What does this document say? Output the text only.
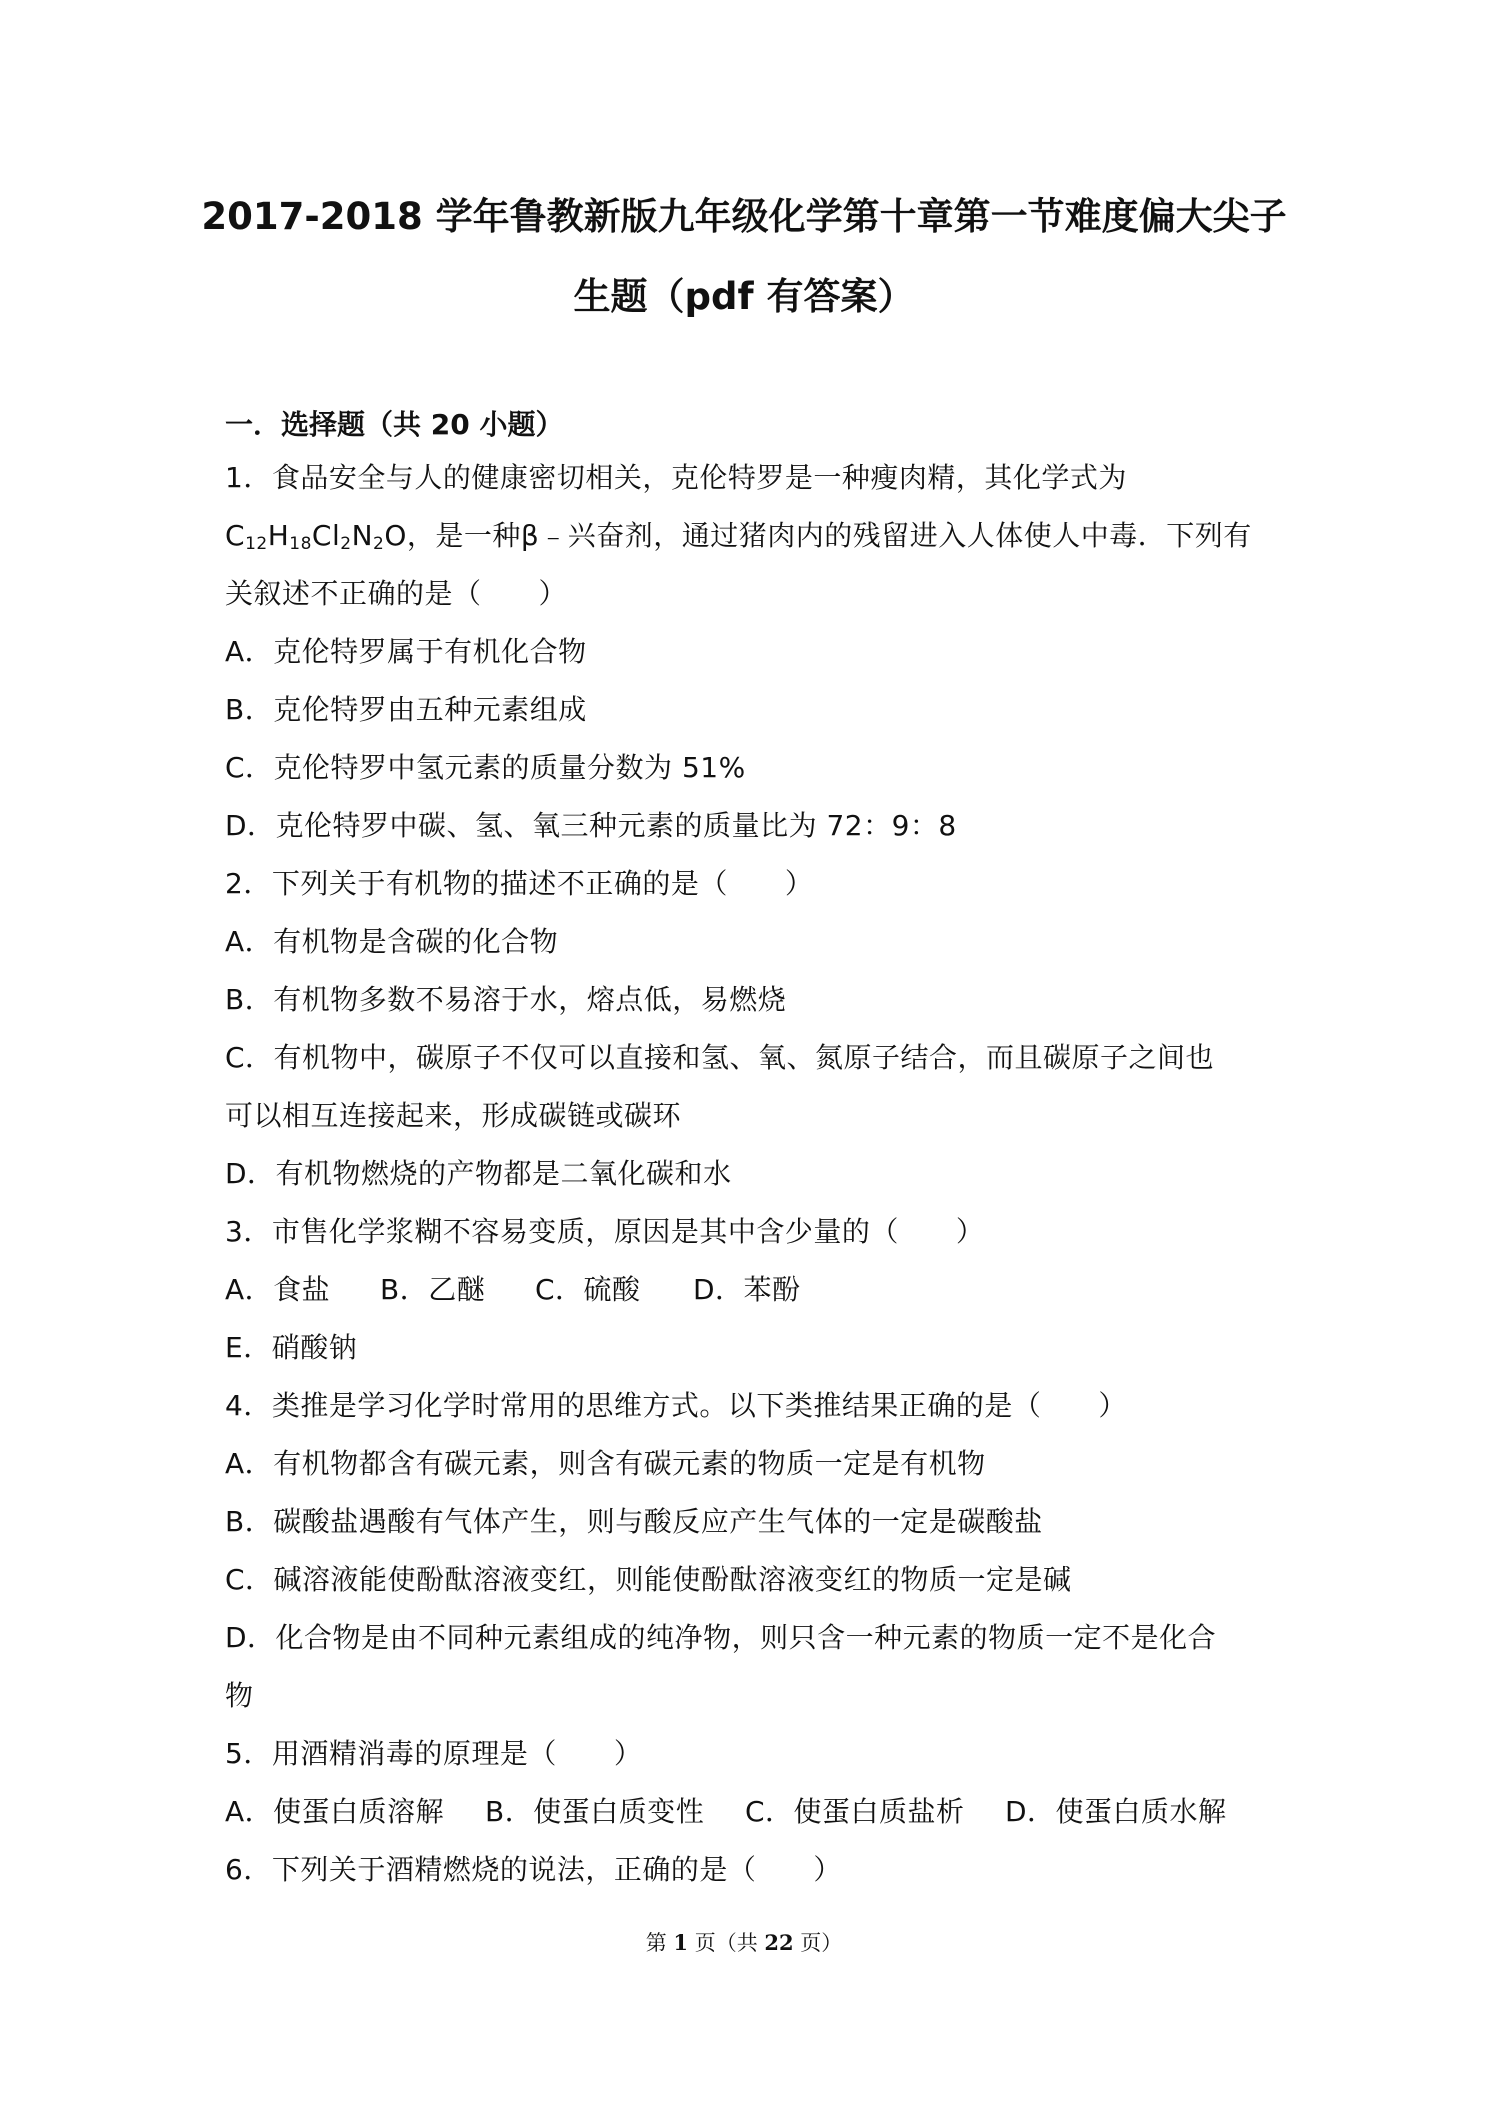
2017-2018 学年鲁教新版九年级化学第十章第一节难度偏大尖子
生题（pdf 有答案）
一．选择题（共 20 小题）
1．食品安全与人的健康密切相关，克伦特罗是一种瘦肉精，其化学式为
$C_{12}H_{18}Cl_2N_2O$，是一种β﹣兴奋剂，通过猪肉内的残留进入人体使人中毒．下列有
关叙述不正确的是（　　）
A．克伦特罗属于有机化合物
B．克伦特罗由五种元素组成
C．克伦特罗中氢元素的质量分数为 51%
D．克伦特罗中碳、氢、氧三种元素的质量比为 72：9：8
2．下列关于有机物的描述不正确的是（　　）
A．有机物是含碳的化合物
B．有机物多数不易溶于水，熔点低，易燃烧
C．有机物中，碳原子不仅可以直接和氢、氧、氮原子结合，而且碳原子之间也
可以相互连接起来，形成碳链或碳环
D．有机物燃烧的产物都是二氧化碳和水
3．市售化学浆糊不容易变质，原因是其中含少量的（　　）
A．食盐 B．乙醚 C．硫酸 D．苯酚
E．硝酸钠
4．类推是学习化学时常用的思维方式。以下类推结果正确的是（　　）
A．有机物都含有碳元素，则含有碳元素的物质一定是有机物
B．碳酸盐遇酸有气体产生，则与酸反应产生气体的一定是碳酸盐
C．碱溶液能使酚酞溶液变红，则能使酚酞溶液变红的物质一定是碱
D．化合物是由不同种元素组成的纯净物，则只含一种元素的物质一定不是化合
物
5．用酒精消毒的原理是（　　）
A．使蛋白质溶解 B．使蛋白质变性 C．使蛋白质盐析 D．使蛋白质水解
6．下列关于酒精燃烧的说法，正确的是（　　）
第 1 页（共 22 页）
